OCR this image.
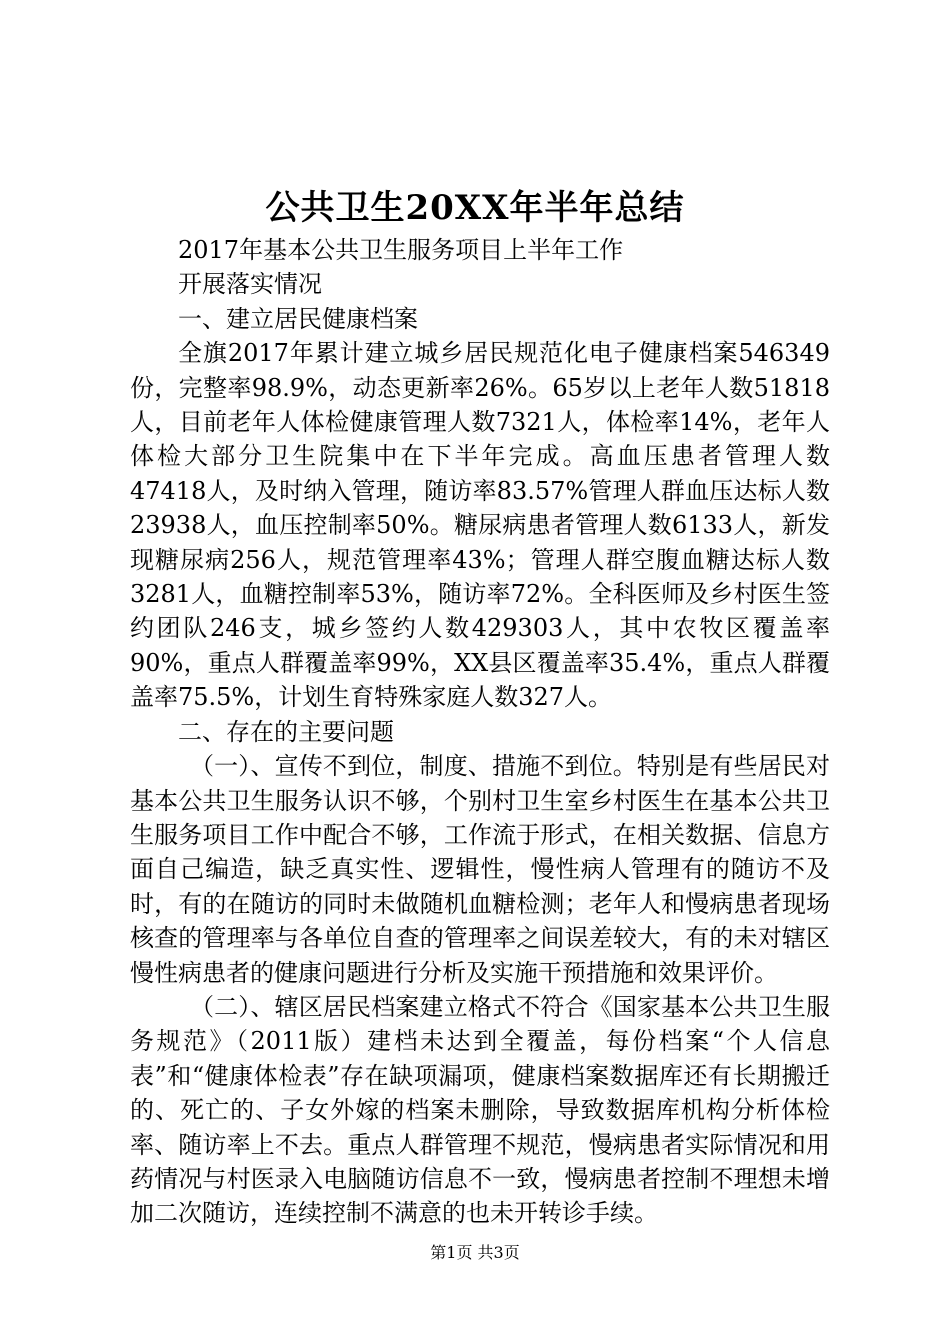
公共卫生20XX年半年总结

2017年基本公共卫生服务项目上半年工作

开展落实情况

一、建立居民健康档案

全旗2017年累计建立城乡居民规范化电子健康档案546349份，完整率98.9%，动态更新率26%。65岁以上老年人数51818人，目前老年人体检健康管理人数7321人，体检率14%，老年人体检大部分卫生院集中在下半年完成。高血压患者管理人数47418人，及时纳入管理，随访率83.57%管理人群血压达标人数23938人，血压控制率50%。糖尿病患者管理人数6133人，新发现糖尿病256人，规范管理率43%；管理人群空腹血糖达标人数3281人，血糖控制率53%，随访率72%。全科医师及乡村医生签约团队246支，城乡签约人数429303人，其中农牧区覆盖率90%，重点人群覆盖率99%，XX县区覆盖率35.4%，重点人群覆盖率75.5%，计划生育特殊家庭人数327人。

二、存在的主要问题

（一）、宣传不到位，制度、措施不到位。特别是有些居民对基本公共卫生服务认识不够，个别村卫生室乡村医生在基本公共卫生服务项目工作中配合不够，工作流于形式，在相关数据、信息方面自己编造，缺乏真实性、逻辑性，慢性病人管理有的随访不及时，有的在随访的同时未做随机血糖检测；老年人和慢病患者现场核查的管理率与各单位自查的管理率之间误差较大，有的未对辖区慢性病患者的健康问题进行分析及实施干预措施和效果评价。

（二）、辖区居民档案建立格式不符合《国家基本公共卫生服务规范》（2011版）建档未达到全覆盖，每份档案“个人信息表”和“健康体检表”存在缺项漏项，健康档案数据库还有长期搬迁的、死亡的、子女外嫁的档案未删除，导致数据库机构分析体检率、随访率上不去。重点人群管理不规范，慢病患者实际情况和用药情况与村医录入电脑随访信息不一致，慢病患者控制不理想未增加二次随访，连续控制不满意的也未开转诊手续。

第1页 共3页
